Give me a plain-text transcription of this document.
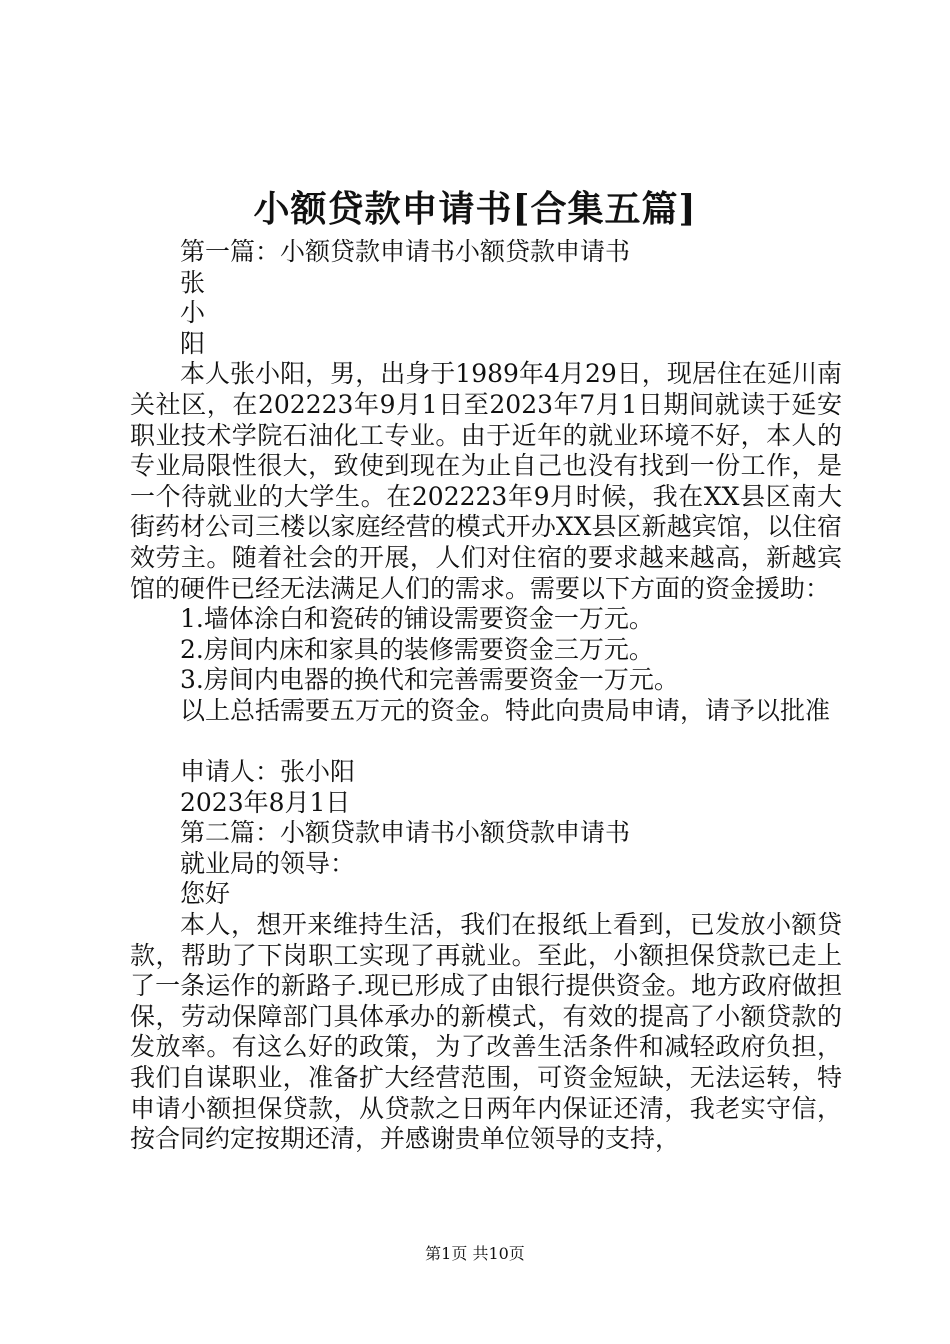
小额贷款申请书[合集五篇]
第一篇：小额贷款申请书小额贷款申请书
张
小
阳

本人张小阳，男，出身于1989年4月29日，现居住在延川南关社区，在202223年9月1日至2023年7月1日期间就读于延安职业技术学院石油化工专业。由于近年的就业环境不好，本人的专业局限性很大，致使到现在为止自己也没有找到一份工作，是一个待就业的大学生。在202223年9月时候，我在XX县区南大街药材公司三楼以家庭经营的模式开办XX县区新越宾馆，以住宿效劳主。随着社会的开展，人们对住宿的要求越来越高，新越宾馆的硬件已经无法满足人们的需求。需要以下方面的资金援助：

1.墙体涂白和瓷砖的铺设需要资金一万元。
2.房间内床和家具的装修需要资金三万元。
3.房间内电器的换代和完善需要资金一万元。
以上总括需要五万元的资金。特此向贵局申请，请予以批准
申请人：张小阳
2023年8月1日
第二篇：小额贷款申请书小额贷款申请书
就业局的领导：
您好

本人，想开来维持生活，我们在报纸上看到，已发放小额贷款，帮助了下岗职工实现了再就业。至此，小额担保贷款已走上了一条运作的新路子.现已形成了由银行提供资金。地方政府做担保，劳动保障部门具体承办的新模式，有效的提高了小额贷款的发放率。有这么好的政策，为了改善生活条件和减轻政府负担，我们自谋职业，准备扩大经营范围，可资金短缺，无法运转，特申请小额担保贷款，从贷款之日两年内保证还清，我老实守信，按合同约定按期还清，并感谢贵单位领导的支持，

第1页 共10页
